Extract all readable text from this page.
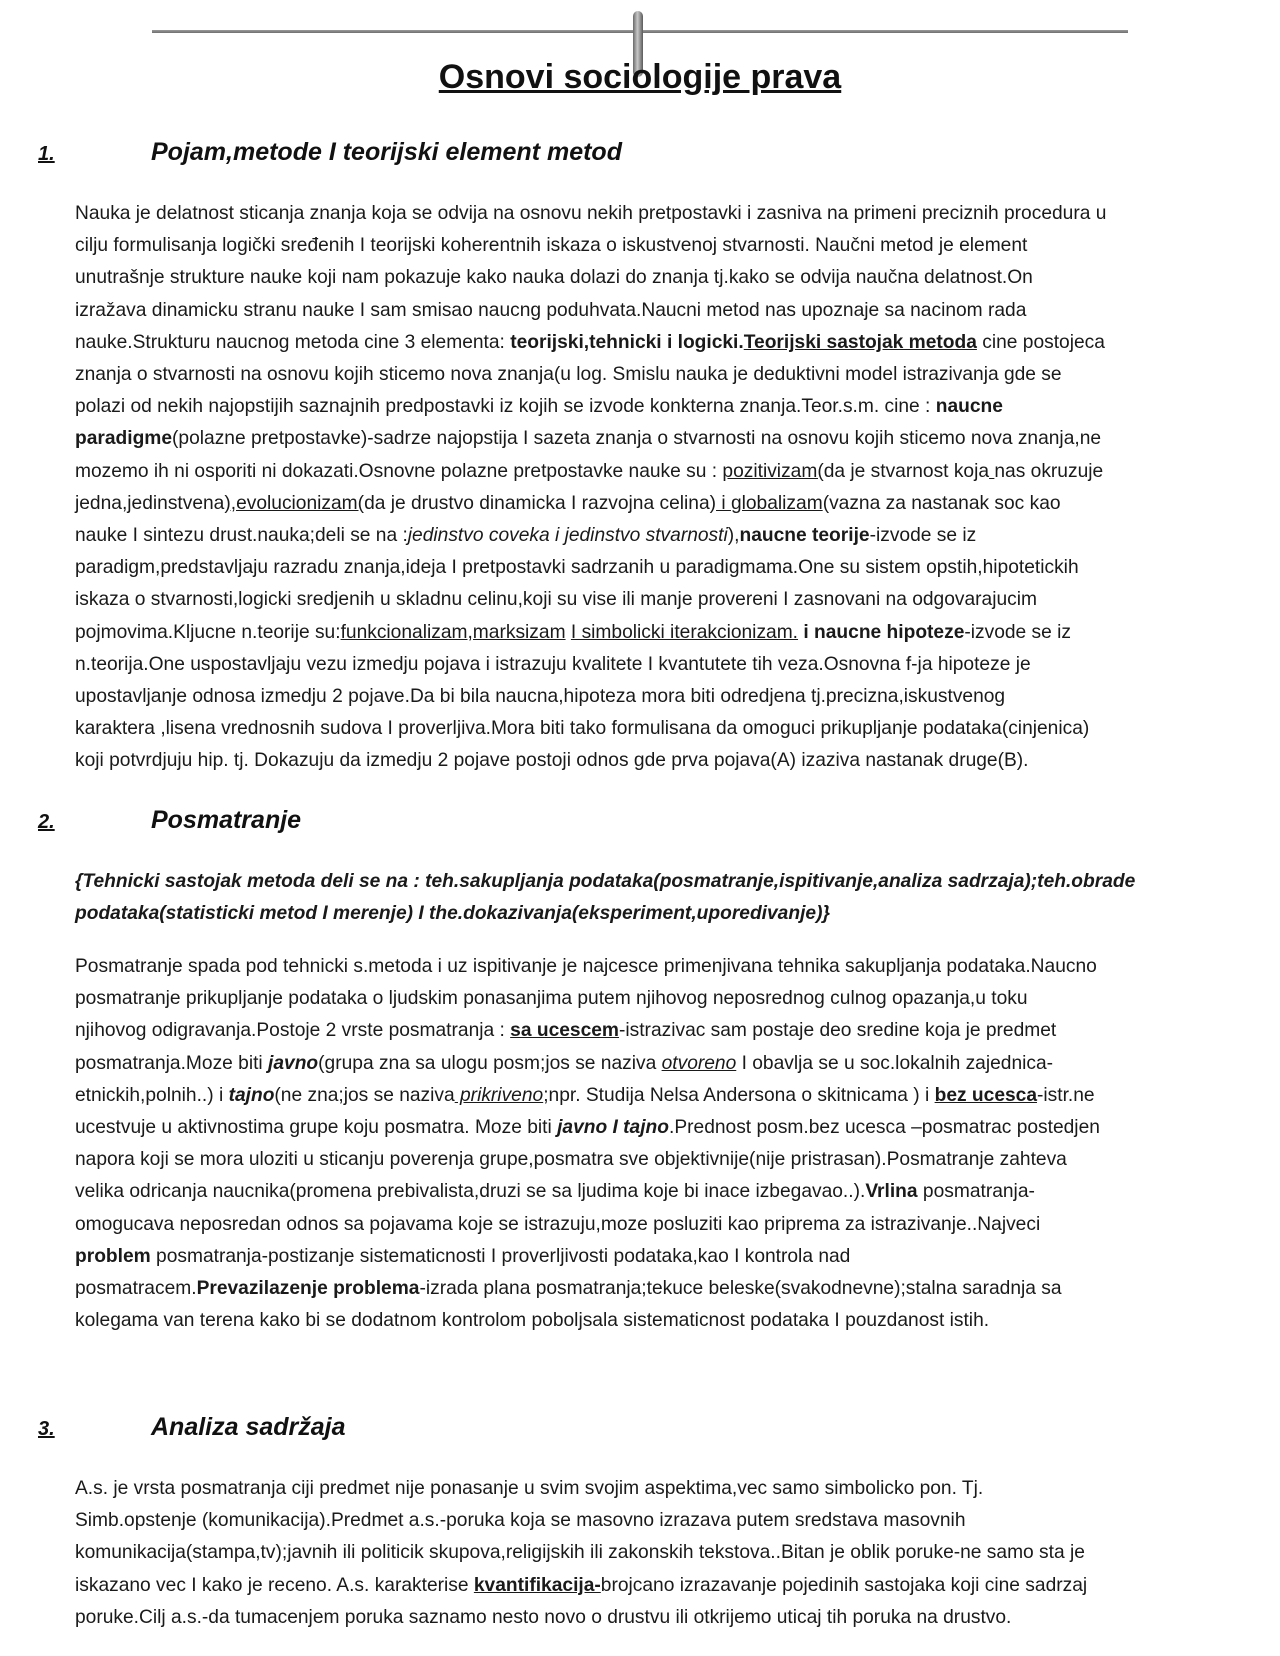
Osnovi sociologije prava
1.	Pojam,metode I teorijski element metod
Nauka je delatnost sticanja znanja koja se odvija na osnovu nekih pretpostavki i zasniva na primeni preciznih procedura u
cilju formulisanja logički sređenih I teorijski koherentnih iskaza o iskustvenoj stvarnosti. Naučni metod je element
unutrašnje strukture nauke koji nam pokazuje kako nauka dolazi do znanja tj.kako se odvija naučna delatnost.On
izražava dinamicku stranu nauke I sam smisao naucng poduhvata.Naucni metod nas upoznaje sa nacinom rada
nauke.Strukturu naucnog metoda cine 3 elementa: teorijski,tehnicki i logicki.Teorijski sastojak metoda cine postojeca
znanja o stvarnosti na osnovu kojih sticemo nova znanja(u log. Smislu nauka je deduktivni model istrazivanja gde se
polazi od nekih najopstijih saznajnih predpostavki iz kojih se izvode konkterna znanja.Teor.s.m. cine : naucne
paradigme(polazne pretpostavke)-sadrze najopstija I sazeta znanja o stvarnosti na osnovu kojih sticemo nova znanja,ne
mozemo ih ni osporiti ni dokazati.Osnovne polazne pretpostavke nauke su : pozitivizam(da je stvarnost koja nas okruzuje
jedna,jedinstvena),evolucionizam(da je drustvo dinamicka I razvojna celina) i globalizam(vazna za nastanak soc kao
nauke I sintezu drust.nauka;deli se na :jedinstvo coveka i jedinstvo stvarnosti),naucne teorije-izvode se iz
paradigm,predstavljaju razradu znanja,ideja I pretpostavki sadrzanih u paradigmama.One su sistem opstih,hipotetickih
iskaza o stvarnosti,logicki sredjenih u skladnu celinu,koji su vise ili manje provereni I zasnovani na odgovarajucim
pojmovima.Kljucne n.teorije su:funkcionalizam,marksizam I simbolicki iterakcionizam. i naucne hipoteze-izvode se iz
n.teorija.One uspostavljaju vezu izmedju pojava i istrazuju kvalitete I kvantutete tih veza.Osnovna f-ja hipoteze je
upostavljanje odnosa izmedju 2 pojave.Da bi bila naucna,hipoteza mora biti odredjena tj.precizna,iskustvenog
karaktera ,lisena vrednosnih sudova I proverljiva.Mora biti tako formulisana da omoguci prikupljanje podataka(cinjenica)
koji potvrdjuju hip. tj. Dokazuju da izmedju 2 pojave postoji odnos gde prva pojava(A) izaziva nastanak druge(B).
2.	Posmatranje
{Tehnicki sastojak metoda deli se na : teh.sakupljanja podataka(posmatranje,ispitivanje,analiza sadrzaja);teh.obrade
podataka(statisticki metod I merenje) I the.dokazivanja(eksperiment,uporedivanje)}
Posmatranje spada pod tehnicki s.metoda i uz ispitivanje je najcesce primenjivana tehnika sakupljanja podataka.Naucno
posmatranje prikupljanje podataka o ljudskim ponasanjima putem njihovog neposrednog culnog opazanja,u toku
njihovog odigravanja.Postoje 2 vrste posmatranja : sa ucescem-istrazivac sam postaje deo sredine koja je predmet
posmatranja.Moze biti javno(grupa zna sa ulogu posm;jos se naziva otvoreno I obavlja se u soc.lokalnih zajednica-
etnickih,polnih..) i tajno(ne zna;jos se naziva prikriveno;npr. Studija Nelsa Andersona o skitnicama ) i bez ucesca-istr.ne
ucestvuje u aktivnostima grupe koju posmatra. Moze biti javno I tajno.Prednost posm.bez ucesca –posmatrac postedjen
napora koji se mora uloziti u sticanju poverenja grupe,posmatra sve objektivnije(nije pristrasan).Posmatranje zahteva
velika odricanja naucnika(promena prebivalista,druzi se sa ljudima koje bi inace izbegavao..).Vrlina posmatranja-
omogucava neposredan odnos sa pojavama koje se istrazuju,moze posluziti kao priprema za istrazivanje..Najveci
problem posmatranja-postizanje sistematicnosti I proverljivosti podataka,kao I kontrola nad
posmatracem.Prevazilazenje problema-izrada plana posmatranja;tekuce beleske(svakodnevne);stalna saradnja sa
kolegama van terena kako bi se dodatnom kontrolom poboljsala sistematicnost podataka I pouzdanost istih.
3.	Analiza sadržaja
A.s. je vrsta posmatranja ciji predmet nije ponasanje u svim svojim aspektima,vec samo simbolicko pon. Tj.
Simb.opstenje (komunikacija).Predmet a.s.-poruka koja se masovno izrazava putem sredstava masovnih
komunikacija(stampa,tv);javnih ili politicik skupova,religijskih ili zakonskih tekstova..Bitan je oblik poruke-ne samo sta je
iskazano vec I kako je receno. A.s. karakterise kvantifikacija-brojcano izrazavanje pojedinih sastojaka koji cine sadrzaj
poruke.Cilj a.s.-da tumacenjem poruka saznamo nesto novo o drustvu ili otkrijemo uticaj tih poruka na drustvo.
